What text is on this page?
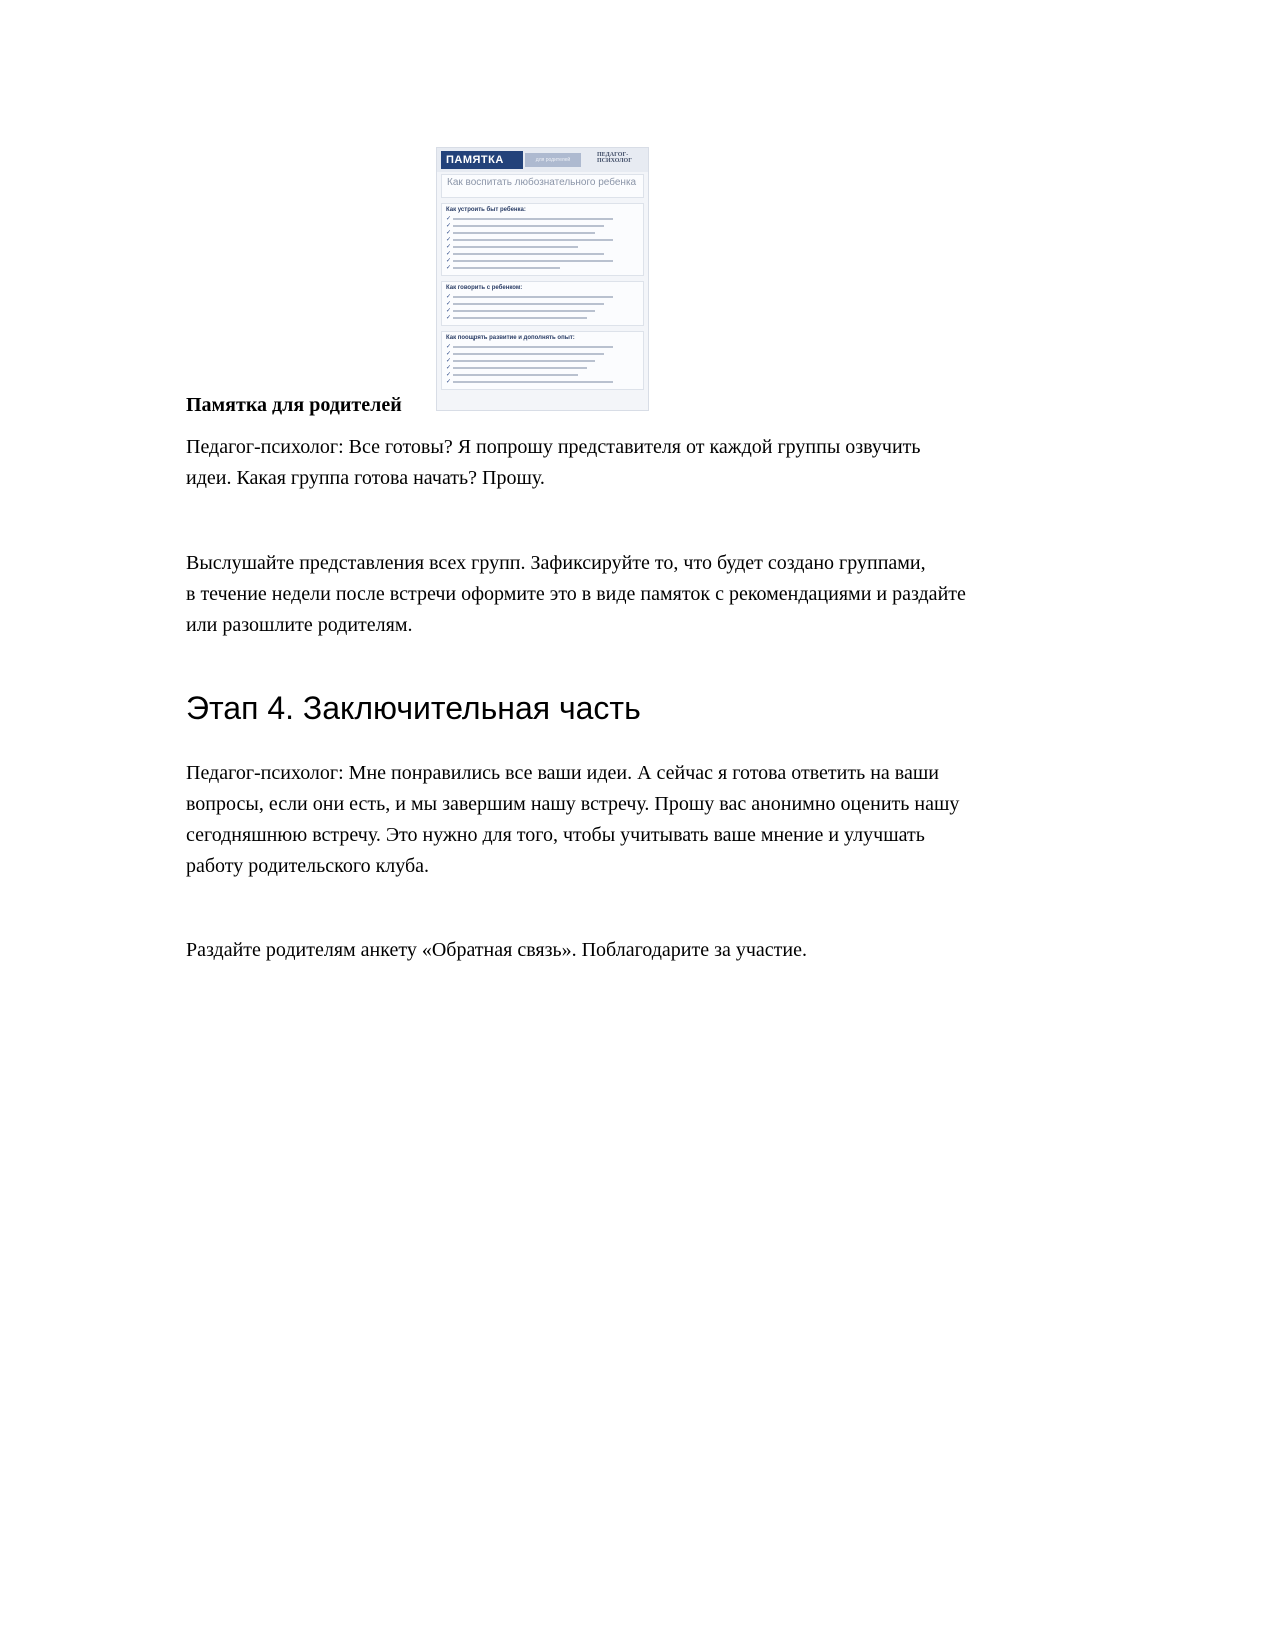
Памятка для родителей
ПАМЯТКА	для родителей
ПЕДАГОГ-
ПСИХОЛОГ
Как воспитать любознательного ребенка
Как устроить быт ребенка:
✓
✓
✓
✓
✓
✓
✓
✓
Как говорить с ребенком:
✓
✓
✓
✓
Как поощрять развитие и дополнять опыт:
✓
✓
✓
✓
✓
✓
Педагог-психолог: Все готовы? Я попрошу представителя от каждой группы озвучить
идеи. Какая группа готова начать? Прошу.
Выслушайте представления всех групп. Зафиксируйте то, что будет создано группами,
в течение недели после встречи оформите это в виде памяток с рекомендациями и раздайте
или разошлите родителям.
Этап 4. Заключительная часть
Педагог-психолог: Мне понравились все ваши идеи. А сейчас я готова ответить на ваши
вопросы, если они есть, и мы завершим нашу встречу. Прошу вас анонимно оценить нашу
сегодняшнюю встречу. Это нужно для того, чтобы учитывать ваше мнение и улучшать
работу родительского клуба.
Раздайте родителям анкету «Обратная связь». Поблагодарите за участие.
